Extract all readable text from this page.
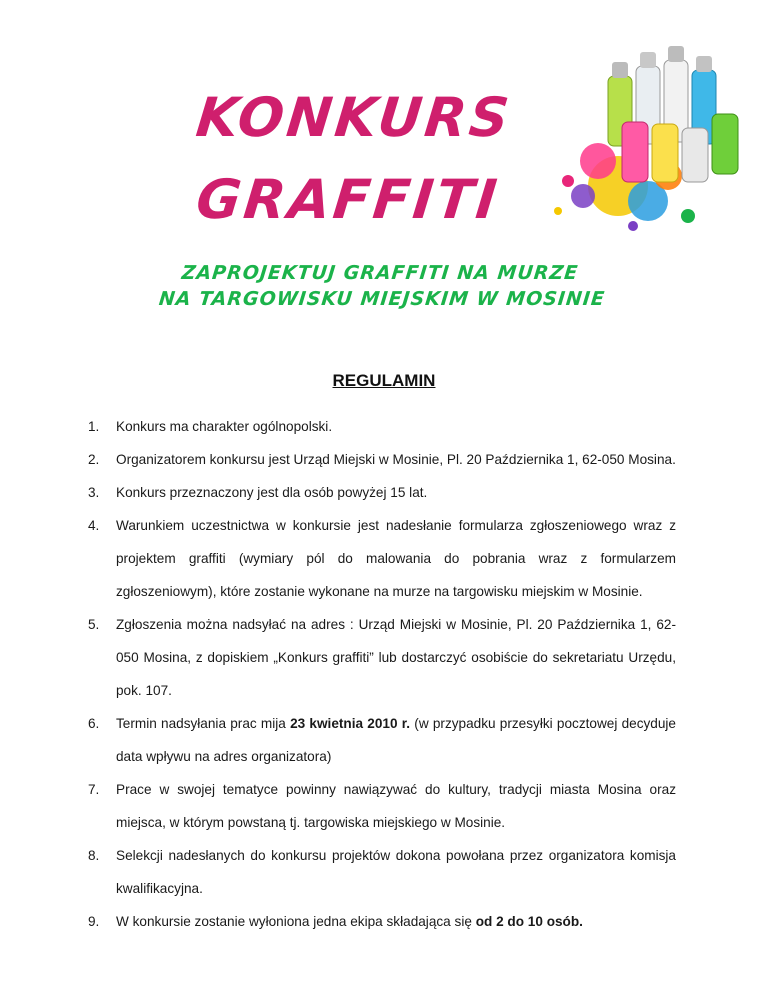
KONKURS
GRAFFITI
ZAPROJEKTUJ GRAFFITI NA MURZE
NA TARGOWISKU MIEJSKIM W MOSINIE
REGULAMIN
1. Konkurs ma charakter ogólnopolski.
2. Organizatorem konkursu jest Urząd Miejski w Mosinie, Pl. 20 Października 1, 62-050 Mosina.
3. Konkurs przeznaczony jest dla osób powyżej 15 lat.
4. Warunkiem uczestnictwa w konkursie jest nadesłanie formularza zgłoszeniowego wraz z projektem graffiti (wymiary pól do malowania do pobrania wraz z formularzem zgłoszeniowym), które zostanie wykonane na murze na targowisku miejskim w Mosinie.
5. Zgłoszenia można nadsyłać na adres : Urząd Miejski w Mosinie, Pl. 20 Października 1, 62-050 Mosina, z dopiskiem „Konkurs graffiti” lub dostarczyć osobiście do sekretariatu Urzędu, pok. 107.
6. Termin nadsyłania prac mija 23 kwietnia 2010 r. (w przypadku przesyłki pocztowej decyduje data wpływu na adres organizatora)
7. Prace w swojej tematyce powinny nawiązywać do kultury, tradycji miasta Mosina oraz miejsca, w którym powstaną tj. targowiska miejskiego w Mosinie.
8. Selekcji nadesłanych do konkursu projektów dokona powołana przez organizatora komisja kwalifikacyjna.
9. W konkursie zostanie wyłoniona jedna ekipa składająca się od 2 do 10 osób.
